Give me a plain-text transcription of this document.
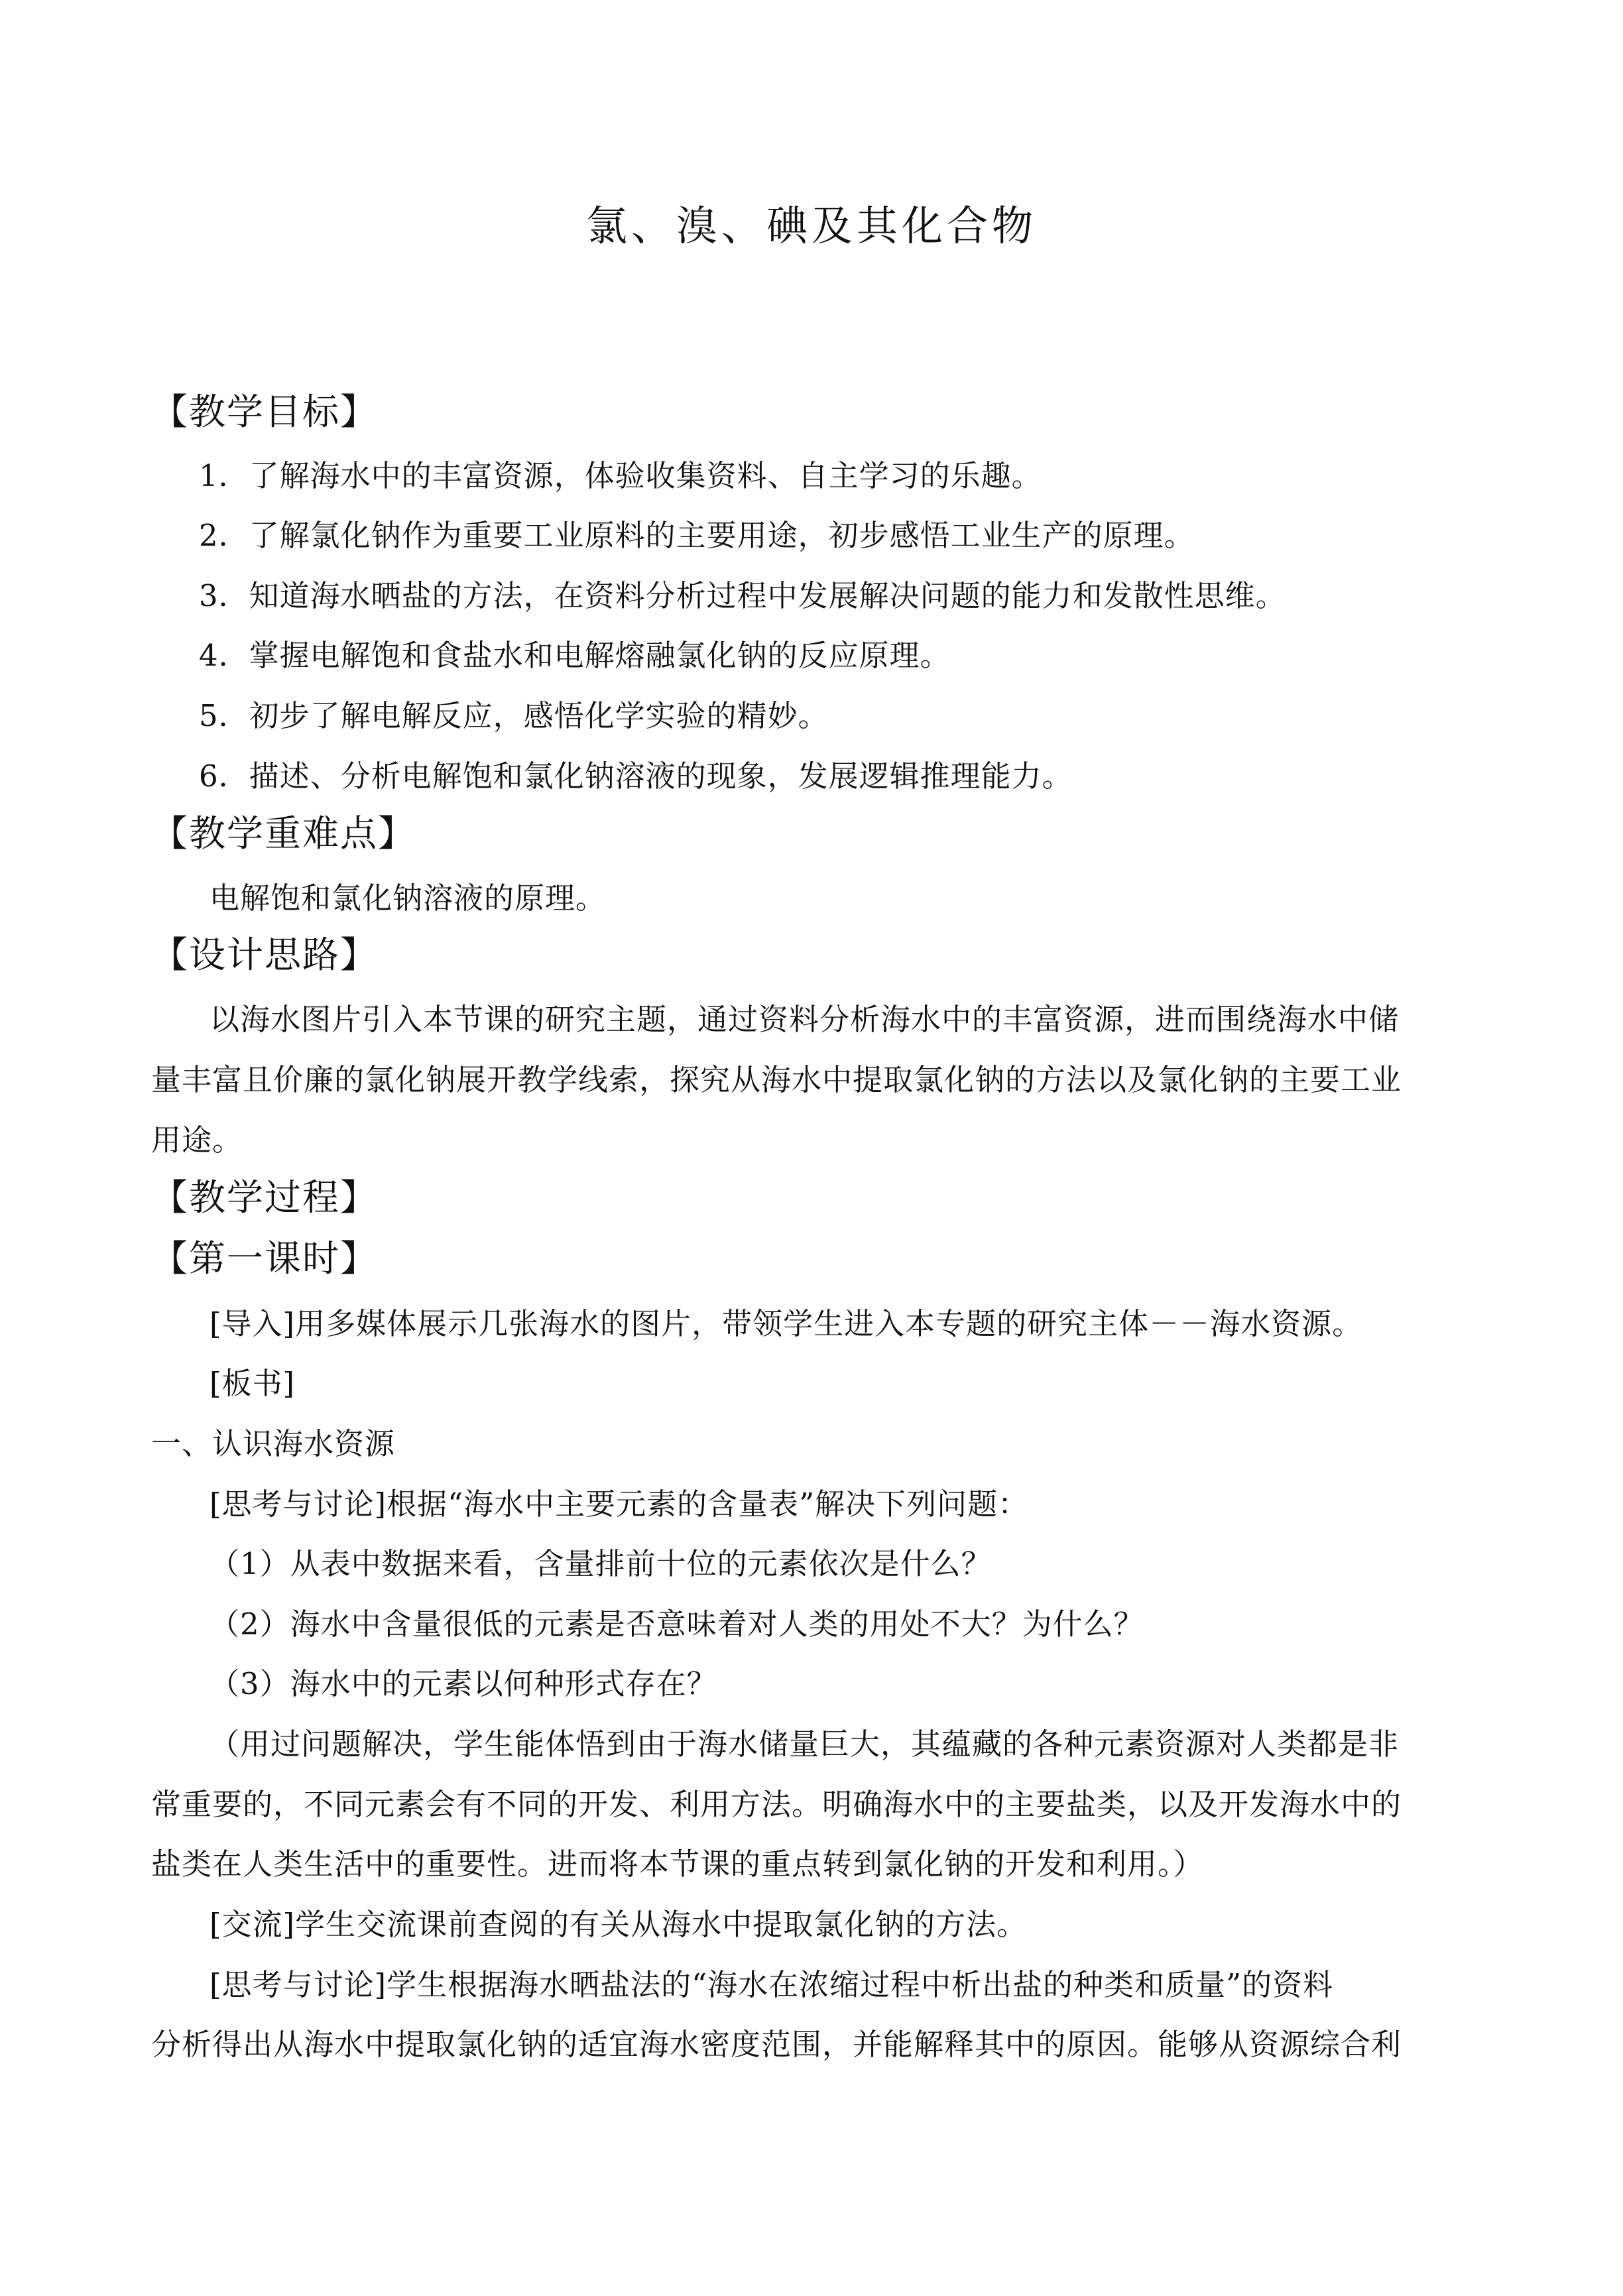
氯、溴、碘及其化合物
【教学目标】
1．了解海水中的丰富资源，体验收集资料、自主学习的乐趣。
2．了解氯化钠作为重要工业原料的主要用途，初步感悟工业生产的原理。
3．知道海水晒盐的方法，在资料分析过程中发展解决问题的能力和发散性思维。
4．掌握电解饱和食盐水和电解熔融氯化钠的反应原理。
5．初步了解电解反应，感悟化学实验的精妙。
6．描述、分析电解饱和氯化钠溶液的现象，发展逻辑推理能力。
【教学重难点】
电解饱和氯化钠溶液的原理。
【设计思路】
以海水图片引入本节课的研究主题，通过资料分析海水中的丰富资源，进而围绕海水中储
量丰富且价廉的氯化钠展开教学线索，探究从海水中提取氯化钠的方法以及氯化钠的主要工业
用途。
【教学过程】
【第一课时】
[导入]用多媒体展示几张海水的图片，带领学生进入本专题的研究主体－－海水资源。
[板书]
一、认识海水资源
[思考与讨论]根据“海水中主要元素的含量表”解决下列问题：
（1）从表中数据来看，含量排前十位的元素依次是什么？
（2）海水中含量很低的元素是否意味着对人类的用处不大？为什么？
（3）海水中的元素以何种形式存在？
（用过问题解决，学生能体悟到由于海水储量巨大，其蕴藏的各种元素资源对人类都是非
常重要的，不同元素会有不同的开发、利用方法。明确海水中的主要盐类，以及开发海水中的
盐类在人类生活中的重要性。进而将本节课的重点转到氯化钠的开发和利用。）
[交流]学生交流课前查阅的有关从海水中提取氯化钠的方法。
[思考与讨论]学生根据海水晒盐法的“海水在浓缩过程中析出盐的种类和质量”的资料
分析得出从海水中提取氯化钠的适宜海水密度范围，并能解释其中的原因。能够从资源综合利
